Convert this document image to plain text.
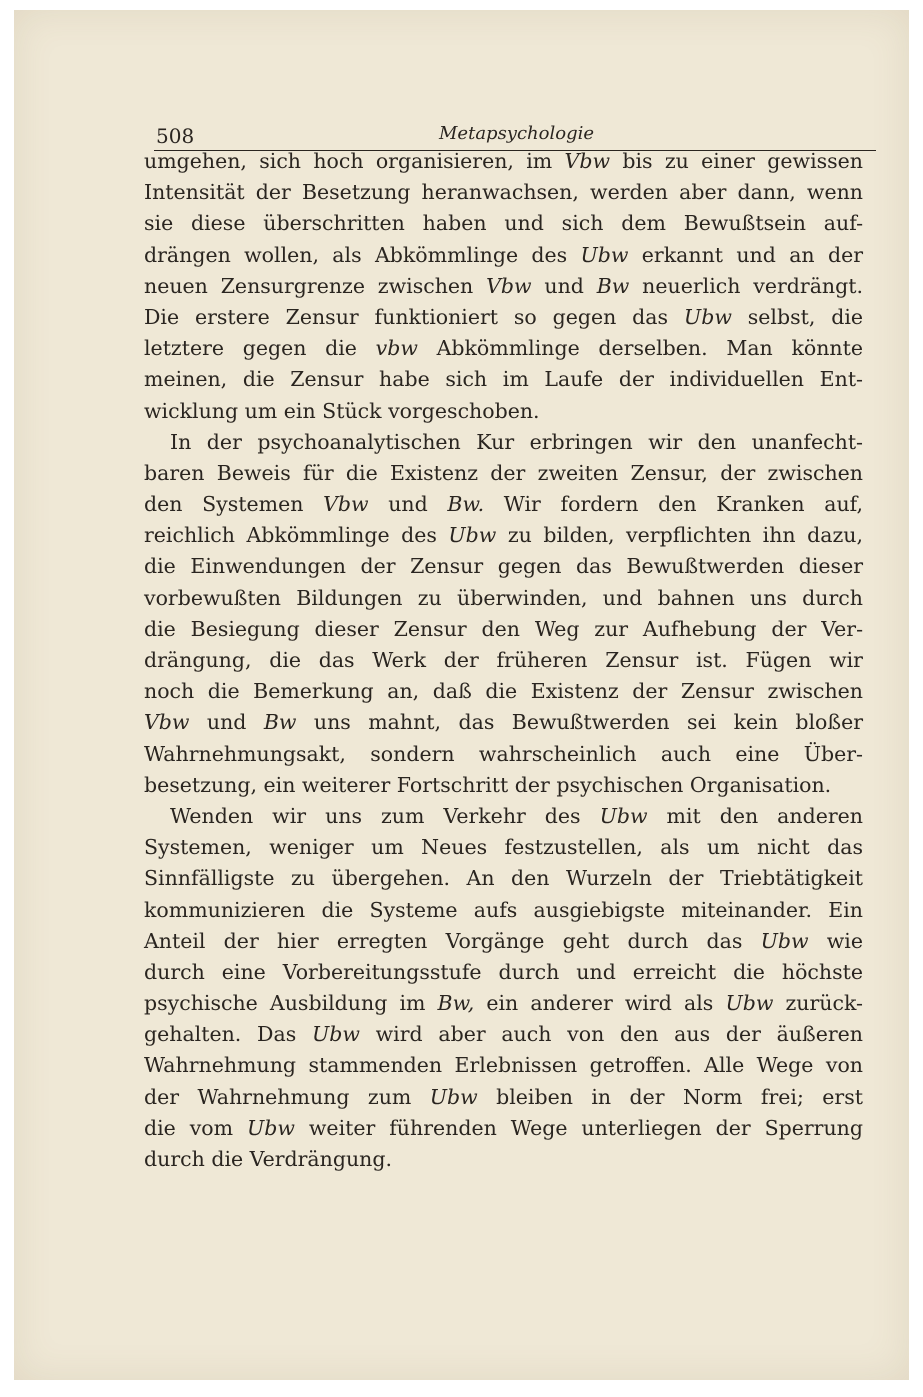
508	Metapsychologie
umgehen, sich hoch organisieren, im Vbw bis zu einer gewissen
Intensität der Besetzung heranwachsen, werden aber dann, wenn
sie diese überschritten haben und sich dem Bewußtsein auf-
drängen wollen, als Abkömmlinge des Ubw erkannt und an der
neuen Zensurgrenze zwischen Vbw und Bw neuerlich verdrängt.
Die erstere Zensur funktioniert so gegen das Ubw selbst, die
letztere gegen die vbw Abkömmlinge derselben. Man könnte
meinen, die Zensur habe sich im Laufe der individuellen Ent-
wicklung um ein Stück vorgeschoben.
In der psychoanalytischen Kur erbringen wir den unanfecht-
baren Beweis für die Existenz der zweiten Zensur, der zwischen
den Systemen Vbw und Bw. Wir fordern den Kranken auf,
reichlich Abkömmlinge des Ubw zu bilden, verpflichten ihn dazu,
die Einwendungen der Zensur gegen das Bewußtwerden dieser
vorbewußten Bildungen zu überwinden, und bahnen uns durch
die Besiegung dieser Zensur den Weg zur Aufhebung der Ver-
drängung, die das Werk der früheren Zensur ist. Fügen wir
noch die Bemerkung an, daß die Existenz der Zensur zwischen
Vbw und Bw uns mahnt, das Bewußtwerden sei kein bloßer
Wahrnehmungsakt, sondern wahrscheinlich auch eine Über-
besetzung, ein weiterer Fortschritt der psychischen Organisation.
Wenden wir uns zum Verkehr des Ubw mit den anderen
Systemen, weniger um Neues festzustellen, als um nicht das
Sinnfälligste zu übergehen. An den Wurzeln der Triebtätigkeit
kommunizieren die Systeme aufs ausgiebigste miteinander. Ein
Anteil der hier erregten Vorgänge geht durch das Ubw wie
durch eine Vorbereitungsstufe durch und erreicht die höchste
psychische Ausbildung im Bw, ein anderer wird als Ubw zurück-
gehalten. Das Ubw wird aber auch von den aus der äußeren
Wahrnehmung stammenden Erlebnissen getroffen. Alle Wege von
der Wahrnehmung zum Ubw bleiben in der Norm frei; erst
die vom Ubw weiter führenden Wege unterliegen der Sperrung
durch die Verdrängung.
